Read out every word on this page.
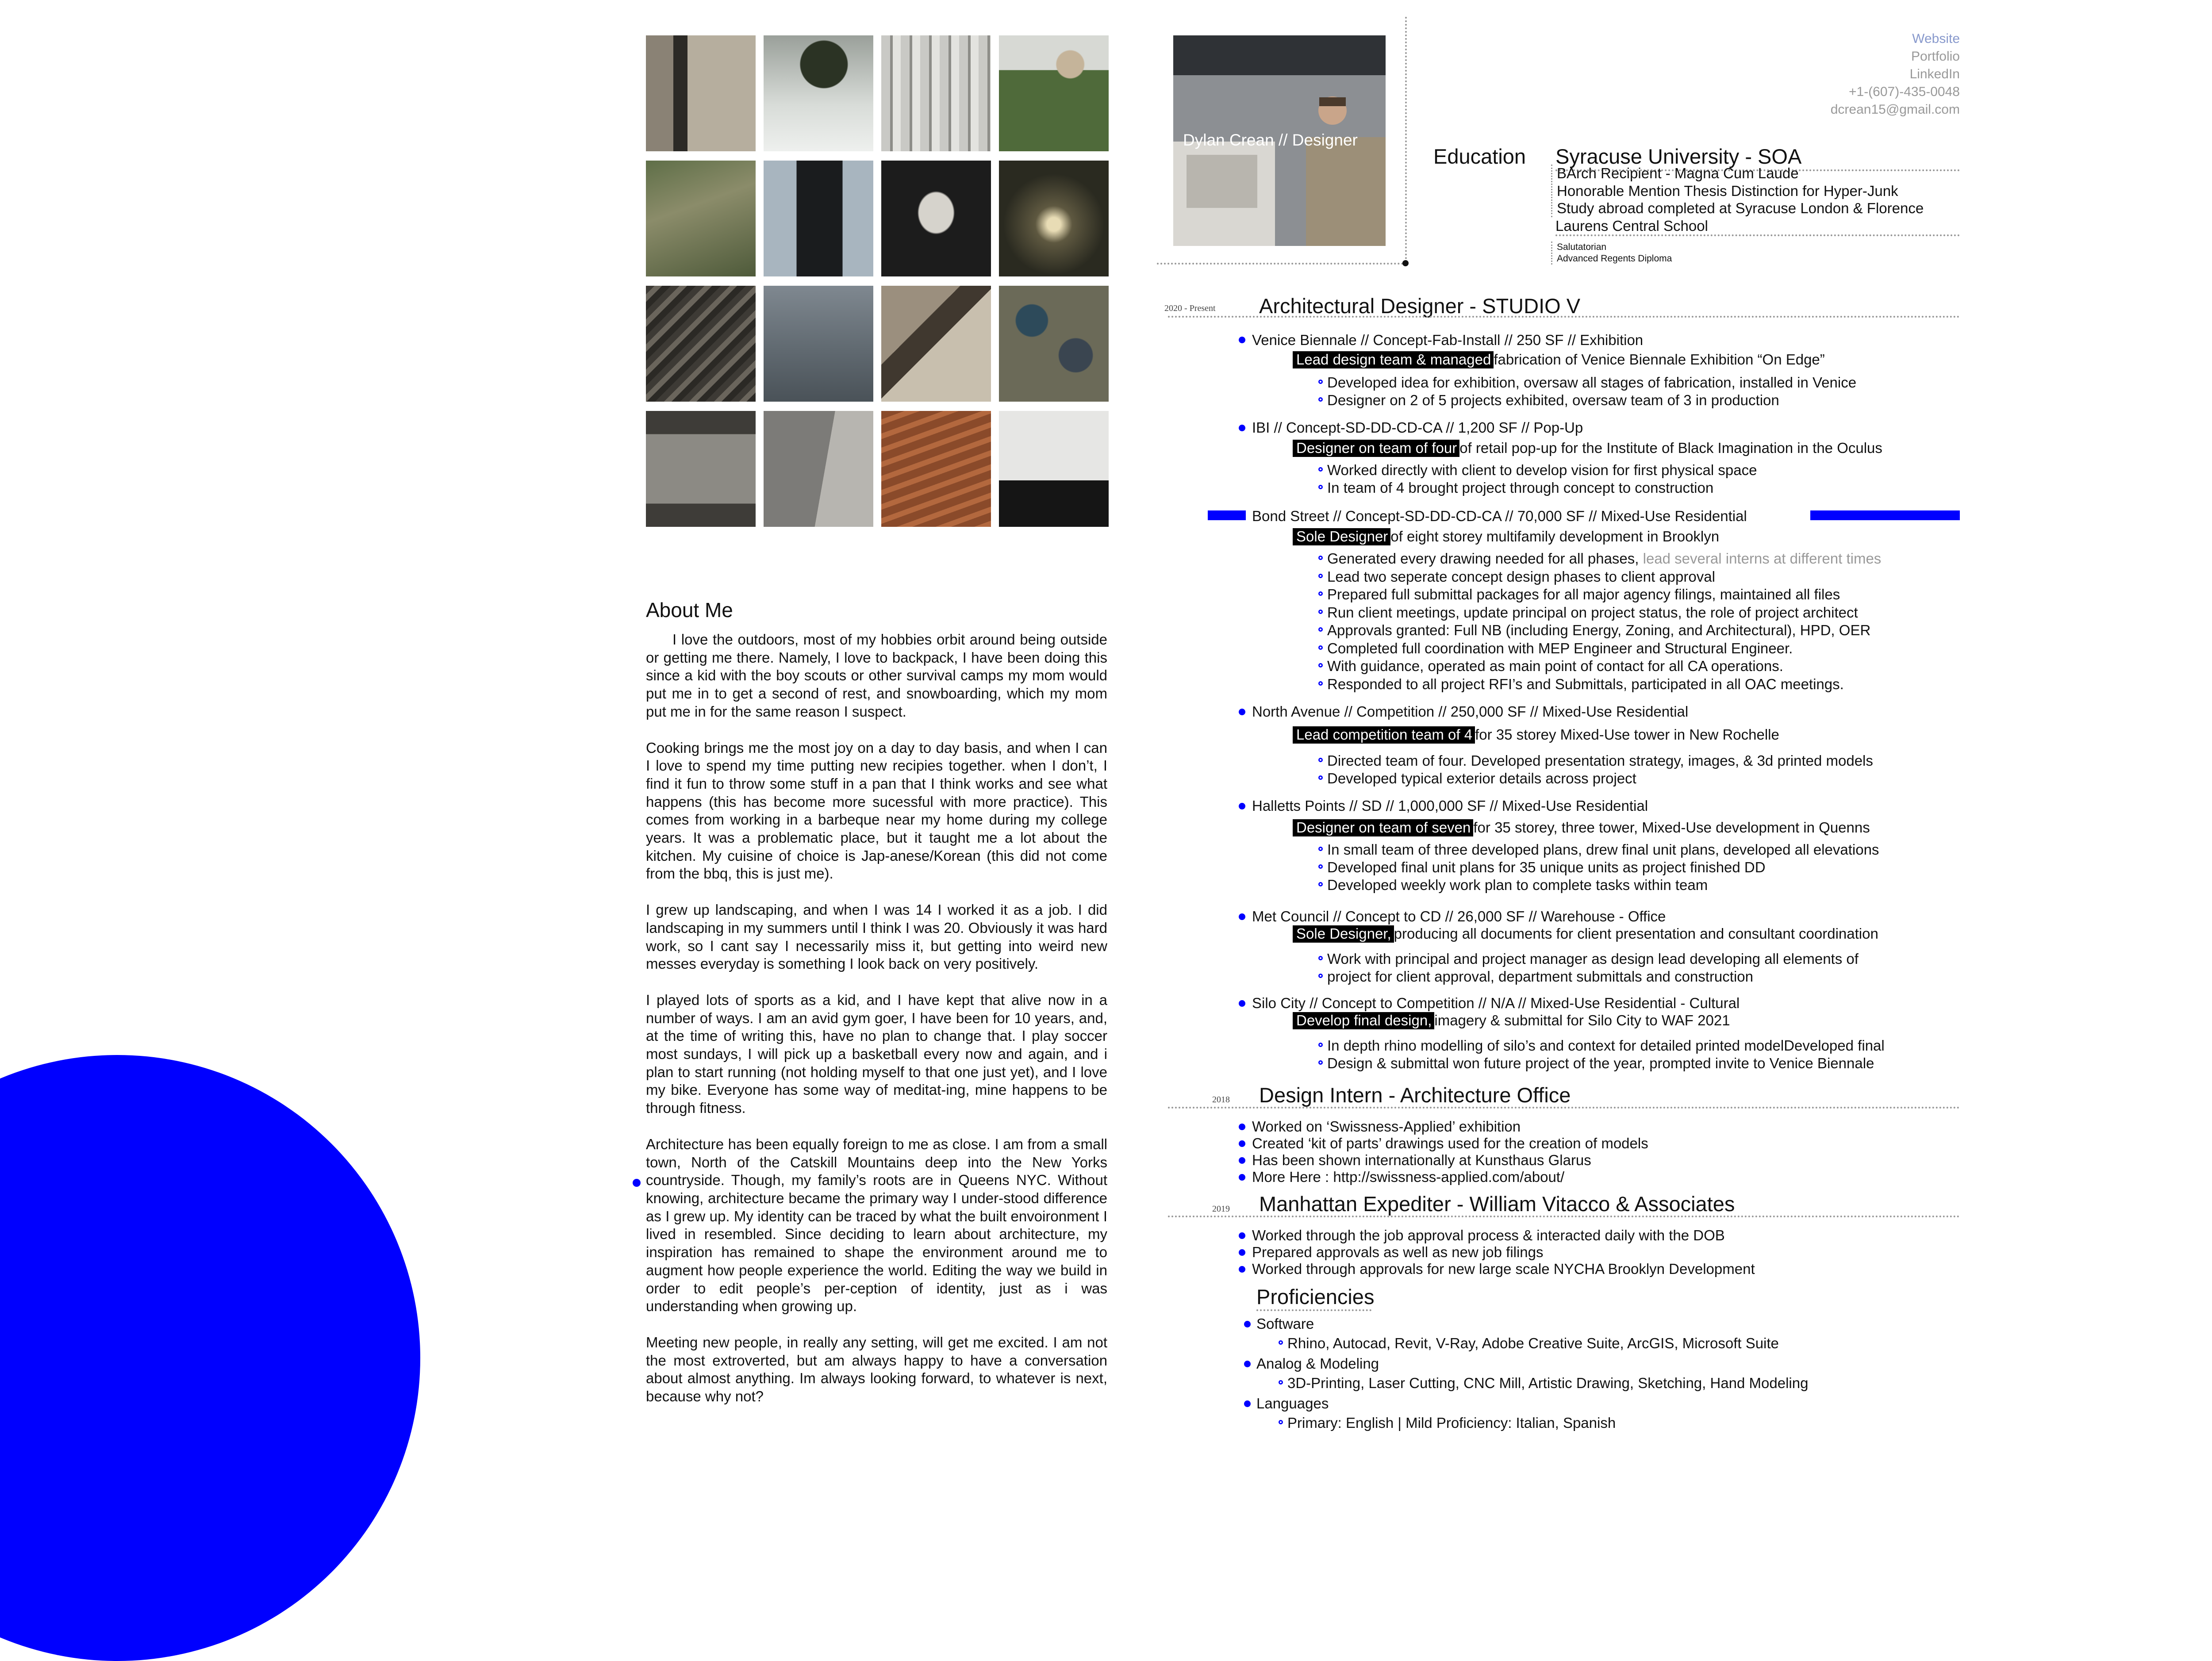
About Me

I love the outdoors, most of my hobbies orbit around being outside or getting me there. Namely, I love to backpack, I have been doing this since a kid with the boy scouts or other survival camps my mom would put me in to get a second of rest, and snowboarding, which my mom put me in for the same reason I suspect.

Cooking brings me the most joy on a day to day basis, and when I can I love to spend my time putting new recipies together. when I don’t, I find it fun to throw some stuff in a pan that I think works and see what happens (this has become more sucessful with more practice). This comes from working in a barbeque near my home during my college years. It was a problematic place, but it taught me a lot about the kitchen. My cuisine of choice is Jap-anese/Korean (this did not come from the bbq, this is just me).

I grew up landscaping, and when I was 14 I worked it as a job. I did landscaping in my summers until I think I was 20. Obviously it was hard work, so I cant say I necessarily miss it, but getting into weird new messes everyday is something I look back on very positively.

I played lots of sports as a kid, and I have kept that alive now in a number of ways. I am an avid gym goer, I have been for 10 years, and, at the time of writing this, have no plan to change that. I play soccer most sundays, I will pick up a basketball every now and again, and i plan to start running (not holding myself to that one just yet), and I love my bike. Everyone has some way of meditat-ing, mine happens to be through fitness.

Architecture has been equally foreign to me as close. I am from a small town, North of the Catskill Mountains deep into the New Yorks countryside. Though, my family’s roots are in Queens NYC. Without knowing, architecture became the primary way I under-stood difference as I grew up. My identity can be traced by what the built envoironment I lived in resembled. Since deciding to learn about architecture, my inspiration has remained to shape the environment around me to augment how people experience the world. Editing the way we build in order to edit people’s per-ception of identity, just as i was understanding when growing up.

Meeting new people, in really any setting, will get me excited. I am not the most extroverted, but am always happy to have a conversation about almost anything. Im always looking forward, to whatever is next, because why not?

Dylan Crean // Designer
Website
Portfolio
LinkedIn
+1-(607)-435-0048
dcrean15@gmail.com
Education Syracuse University - SOA
BArch Recipient - Magna Cum Laude
Honorable Mention Thesis Distinction for Hyper-Junk
Study abroad completed at Syracuse London & Florence
Laurens Central School
Salutatorian
Advanced Regents Diploma
2020 - Present Architectural Designer - STUDIO V
Venice Biennale // Concept-Fab-Install // 250 SF // Exhibition
Lead design team & managed fabrication of Venice Biennale Exhibition “On Edge”
Developed idea for exhibition, oversaw all stages of fabrication, installed in Venice
Designer on 2 of 5 projects exhibited, oversaw team of 3 in production
IBI // Concept-SD-DD-CD-CA // 1,200 SF // Pop-Up
Designer on team of four of retail pop-up for the Institute of Black Imagination in the Oculus
Worked directly with client to develop vision for first physical space
In team of 4 brought project through concept to construction
Bond Street // Concept-SD-DD-CD-CA // 70,000 SF // Mixed-Use Residential
Sole Designer of eight storey multifamily development in Brooklyn
Generated every drawing needed for all phases, lead several interns at different times
Lead two seperate concept design phases to client approval
Prepared full submittal packages for all major agency filings, maintained all files
Run client meetings, update principal on project status, the role of project architect
Approvals granted: Full NB (including Energy, Zoning, and Architectural), HPD, OER
Completed full coordination with MEP Engineer and Structural Engineer.
With guidance, operated as main point of contact for all CA operations.
Responded to all project RFI’s and Submittals, participated in all OAC meetings.
North Avenue // Competition // 250,000 SF // Mixed-Use Residential
Lead competition team of 4 for 35 storey Mixed-Use tower in New Rochelle
Directed team of four. Developed presentation strategy, images, & 3d printed models
Developed typical exterior details across project
Halletts Points // SD // 1,000,000 SF // Mixed-Use Residential
Designer on team of seven for 35 storey, three tower, Mixed-Use development in Quenns
In small team of three developed plans, drew final unit plans, developed all elevations
Developed final unit plans for 35 unique units as project finished DD
Developed weekly work plan to complete tasks within team
Met Council // Concept to CD // 26,000 SF // Warehouse - Office
Sole Designer, producing all documents for client presentation and consultant coordination
Work with principal and project manager as design lead developing all elements of
project for client approval, department submittals and construction
Silo City // Concept to Competition // N/A // Mixed-Use Residential - Cultural
Develop final design, imagery & submittal for Silo City to WAF 2021
In depth rhino modelling of silo’s and context for detailed printed modelDeveloped final
Design & submittal won future project of the year, prompted invite to Venice Biennale
2018 Design Intern - Architecture Office
Worked on ‘Swissness-Applied’ exhibition
Created ‘kit of parts’ drawings used for the creation of models
Has been shown internationally at Kunsthaus Glarus
More Here : http://swissness-applied.com/about/
2019 Manhattan Expediter - William Vitacco & Associates
Worked through the job approval process & interacted daily with the DOB
Prepared approvals as well as new job filings
Worked through approvals for new large scale NYCHA Brooklyn Development
Proficiencies
Software
Rhino, Autocad, Revit, V-Ray, Adobe Creative Suite, ArcGIS, Microsoft Suite
Analog & Modeling
3D-Printing, Laser Cutting, CNC Mill, Artistic Drawing, Sketching, Hand Modeling
Languages
Primary: English | Mild Proficiency: Italian, Spanish
